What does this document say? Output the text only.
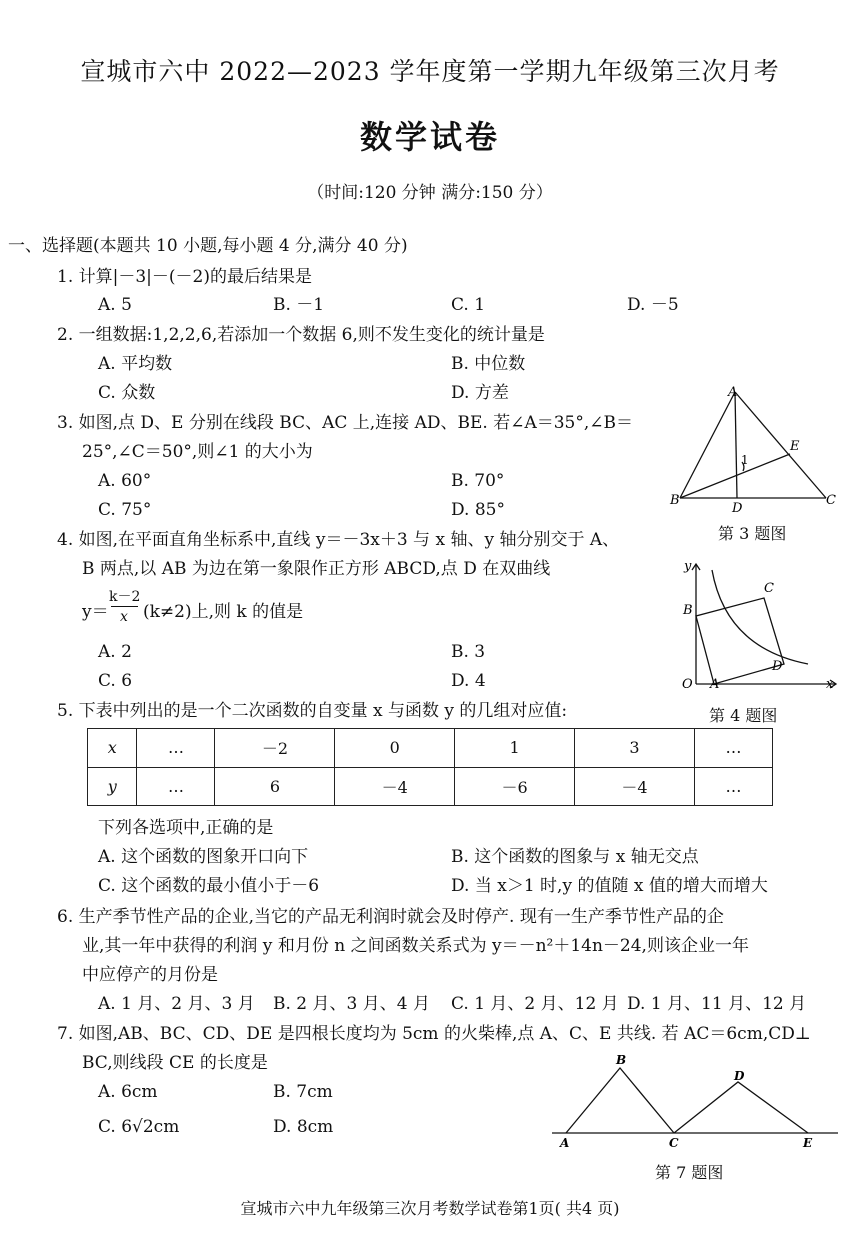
宣城市六中 2022—2023 学年度第一学期九年级第三次月考
数学试卷
（时间:120 分钟 满分:150 分）
一、选择题(本题共 10 小题,每小题 4 分,满分 40 分)
1. 计算|－3|－(－2)的最后结果是
A. 5	B. －1	C. 1	D. －5
2. 一组数据:1,2,2,6,若添加一个数据 6,则不发生变化的统计量是
A. 平均数	B. 中位数
C. 众数	D. 方差
3. 如图,点 D、E 分别在线段 BC、AC 上,连接 AD、BE. 若∠A＝35°,∠B＝
25°,∠C＝50°,则∠1 的大小为
A. 60°	B. 70°
C. 75°	D. 85°
A
B	C
D
E
1
第 3 题图
4. 如图,在平面直角坐标系中,直线 y＝－3x＋3 与 x 轴、y 轴分别交于 A、
B 两点,以 AB 为边在第一象限作正方形 ABCD,点 D 在双曲线
y＝
k－2
x (k≠2)上,则 k 的值是
A. 2	B. 3
C. 6	D. 4
y
B
C
D
O A	x
第 4 题图
5. 下表中列出的是一个二次函数的自变量 x 与函数 y 的几组对应值:
x	…	－2	0	1	3	…
y	…	6	－4	－6	－4	…
下列各选项中,正确的是
A. 这个函数的图象开口向下	B. 这个函数的图象与 x 轴无交点
C. 这个函数的最小值小于－6	D. 当 x＞1 时,y 的值随 x 值的增大而增大
6. 生产季节性产品的企业,当它的产品无利润时就会及时停产. 现有一生产季节性产品的企
业,其一年中获得的利润 y 和月份 n 之间函数关系式为 y＝－n²＋14n－24,则该企业一年
中应停产的月份是
A. 1 月、2 月、3 月 B. 2 月、3 月、4 月 C. 1 月、2 月、12 月 D. 1 月、11 月、12 月
7. 如图,AB、BC、CD、DE 是四根长度均为 5cm 的火柴棒,点 A、C、E 共线. 若 AC＝6cm,CD⊥
BC,则线段 CE 的长度是
A. 6cm	B. 7cm
C. 6√2cm	D. 8cm
A
B
C
D
E
第 7 题图
宣城市六中九年级第三次月考数学试卷第1页( 共4 页)
